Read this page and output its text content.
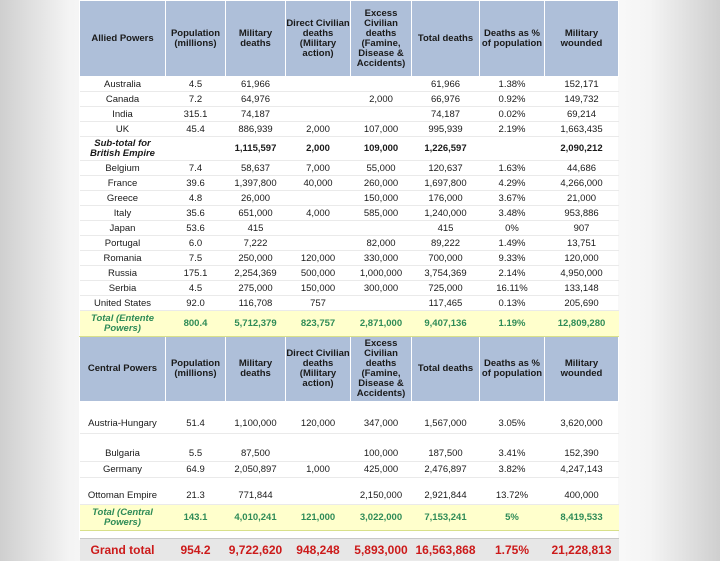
Allied Powers	Population (millions)	Military deaths	Direct Civilian deaths (Military action)	Excess Civilian deaths (Famine, Disease & Accidents)	Total deaths	Deaths as % of population	Military wounded
Australia	4.5	61,966			61,966	1.38%	152,171
Canada	7.2	64,976		2,000	66,976	0.92%	149,732
India	315.1	74,187			74,187	0.02%	69,214
UK	45.4	886,939	2,000	107,000	995,939	2.19%	1,663,435
Sub-total for British Empire		1,115,597	2,000	109,000	1,226,597		2,090,212
Belgium	7.4	58,637	7,000	55,000	120,637	1.63%	44,686
France	39.6	1,397,800	40,000	260,000	1,697,800	4.29%	4,266,000
Greece	4.8	26,000		150,000	176,000	3.67%	21,000
Italy	35.6	651,000	4,000	585,000	1,240,000	3.48%	953,886
Japan	53.6	415			415	0%	907
Portugal	6.0	7,222		82,000	89,222	1.49%	13,751
Romania	7.5	250,000	120,000	330,000	700,000	9.33%	120,000
Russia	175.1	2,254,369	500,000	1,000,000	3,754,369	2.14%	4,950,000
Serbia	4.5	275,000	150,000	300,000	725,000	16.11%	133,148
United States	92.0	116,708	757		117,465	0.13%	205,690
Total (Entente Powers)	800.4	5,712,379	823,757	2,871,000	9,407,136	1.19%	12,809,280
Central Powers	Population (millions)	Military deaths	Direct Civilian deaths (Military action)	Excess Civilian deaths (Famine, Disease & Accidents)	Total deaths	Deaths as % of population	Military wounded

Austria-Hungary	51.4	1,100,000	120,000	347,000	1,567,000	3.05%	3,620,000

Bulgaria	5.5	87,500		100,000	187,500	3.41%	152,390
Germany	64.9	2,050,897	1,000	425,000	2,476,897	3.82%	4,247,143

Ottoman Empire	21.3	771,844		2,150,000	2,921,844	13.72%	400,000
Total (Central Powers)	143.1	4,010,241	121,000	3,022,000	7,153,241	5%	8,419,533

Grand total	954.2	9,722,620	948,248	5,893,000	16,563,868	1.75%	21,228,813
